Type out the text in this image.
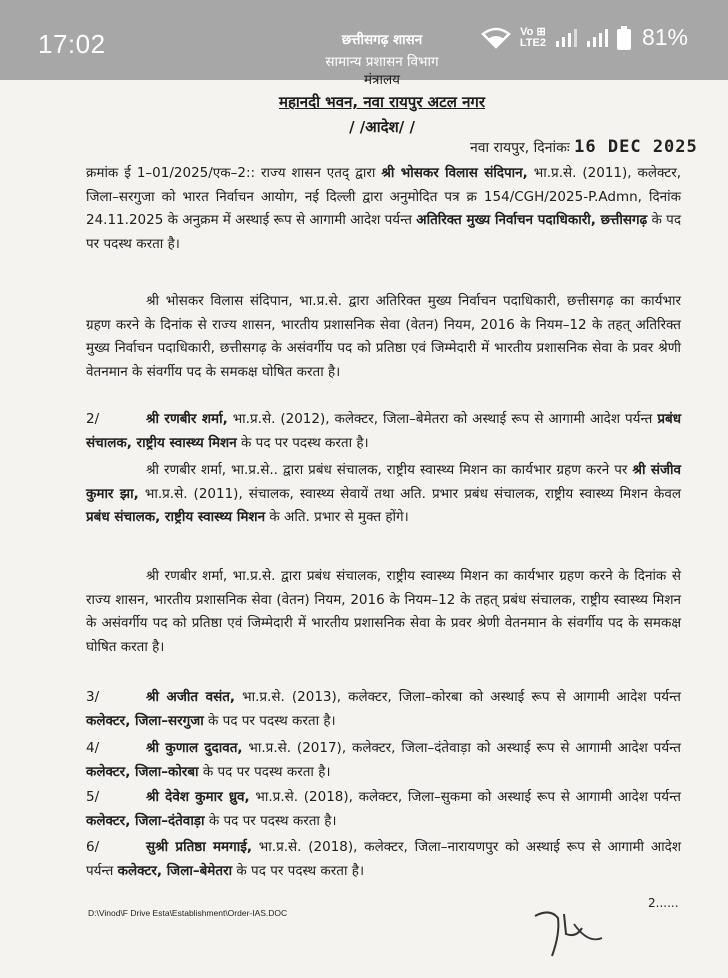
17:02	Vo ⊞
LTE2	81%
छत्तीसगढ़ शासन
सामान्य प्रशासन विभाग
मंत्रालय
महानदी भवन, नवा रायपुर अटल नगर
/ /आदेश/ /
नवा रायपुर, दिनांकः 16 DEC 2025
क्रमांक ई 1–01/2025/एक–2:: राज्य शासन एतद् द्वारा श्री भोसकर विलास संदिपान, भा.प्र.से. (2011), कलेक्टर, जिला–सरगुजा को भारत निर्वाचन आयोग, नई दिल्ली द्वारा अनुमोदित पत्र क्र 154/CGH/2025-P.Admn, दिनांक 24.11.2025 के अनुक्रम में अस्थाई रूप से आगामी आदेश पर्यन्त अतिरिक्त मुख्य निर्वाचन पदाधिकारी, छत्तीसगढ़ के पद पर पदस्थ करता है।
श्री भोसकर विलास संदिपान, भा.प्र.से. द्वारा अतिरिक्त मुख्य निर्वाचन पदाधिकारी, छत्तीसगढ़ का कार्यभार ग्रहण करने के दिनांक से राज्य शासन, भारतीय प्रशासनिक सेवा (वेतन) नियम, 2016 के नियम–12 के तहत् अतिरिक्त मुख्य निर्वाचन पदाधिकारी, छत्तीसगढ़ के असंवर्गीय पद को प्रतिष्ठा एवं जिम्मेदारी में भारतीय प्रशासनिक सेवा के प्रवर श्रेणी वेतनमान के संवर्गीय पद के समकक्ष घोषित करता है।
2/	श्री रणबीर शर्मा, भा.प्र.से. (2012), कलेक्टर, जिला–बेमेतरा को अस्थाई रूप से आगामी आदेश पर्यन्त प्रबंध संचालक, राष्ट्रीय स्वास्थ्य मिशन के पद पर पदस्थ करता है।
श्री रणबीर शर्मा, भा.प्र.से.. द्वारा प्रबंध संचालक, राष्ट्रीय स्वास्थ्य मिशन का कार्यभार ग्रहण करने पर श्री संजीव कुमार झा, भा.प्र.से. (2011), संचालक, स्वास्थ्य सेवायें तथा अति. प्रभार प्रबंध संचालक, राष्ट्रीय स्वास्थ्य मिशन केवल प्रबंध संचालक, राष्ट्रीय स्वास्थ्य मिशन के अति. प्रभार से मुक्त होंगे।
श्री रणबीर शर्मा, भा.प्र.से. द्वारा प्रबंध संचालक, राष्ट्रीय स्वास्थ्य मिशन का कार्यभार ग्रहण करने के दिनांक से राज्य शासन, भारतीय प्रशासनिक सेवा (वेतन) नियम, 2016 के नियम–12 के तहत् प्रबंध संचालक, राष्ट्रीय स्वास्थ्य मिशन के असंवर्गीय पद को प्रतिष्ठा एवं जिम्मेदारी में भारतीय प्रशासनिक सेवा के प्रवर श्रेणी वेतनमान के संवर्गीय पद के समकक्ष घोषित करता है।
3/	श्री अजीत वसंत, भा.प्र.से. (2013), कलेक्टर, जिला–कोरबा को अस्थाई रूप से आगामी आदेश पर्यन्त कलेक्टर, जिला–सरगुजा के पद पर पदस्थ करता है।
4/	श्री कुणाल दुदावत, भा.प्र.से. (2017), कलेक्टर, जिला–दंतेवाड़ा को अस्थाई रूप से आगामी आदेश पर्यन्त कलेक्टर, जिला–कोरबा के पद पर पदस्थ करता है।
5/	श्री देवेश कुमार ध्रुव, भा.प्र.से. (2018), कलेक्टर, जिला–सुकमा को अस्थाई रूप से आगामी आदेश पर्यन्त कलेक्टर, जिला–दंतेवाड़ा के पद पर पदस्थ करता है।
6/	सुश्री प्रतिष्ठा ममगाई, भा.प्र.से. (2018), कलेक्टर, जिला–नारायणपुर को अस्थाई रूप से आगामी आदेश पर्यन्त कलेक्टर, जिला–बेमेतरा के पद पर पदस्थ करता है।
D:\Vinod\F Drive Esta\Establishment\Order-IAS.DOC
2......
